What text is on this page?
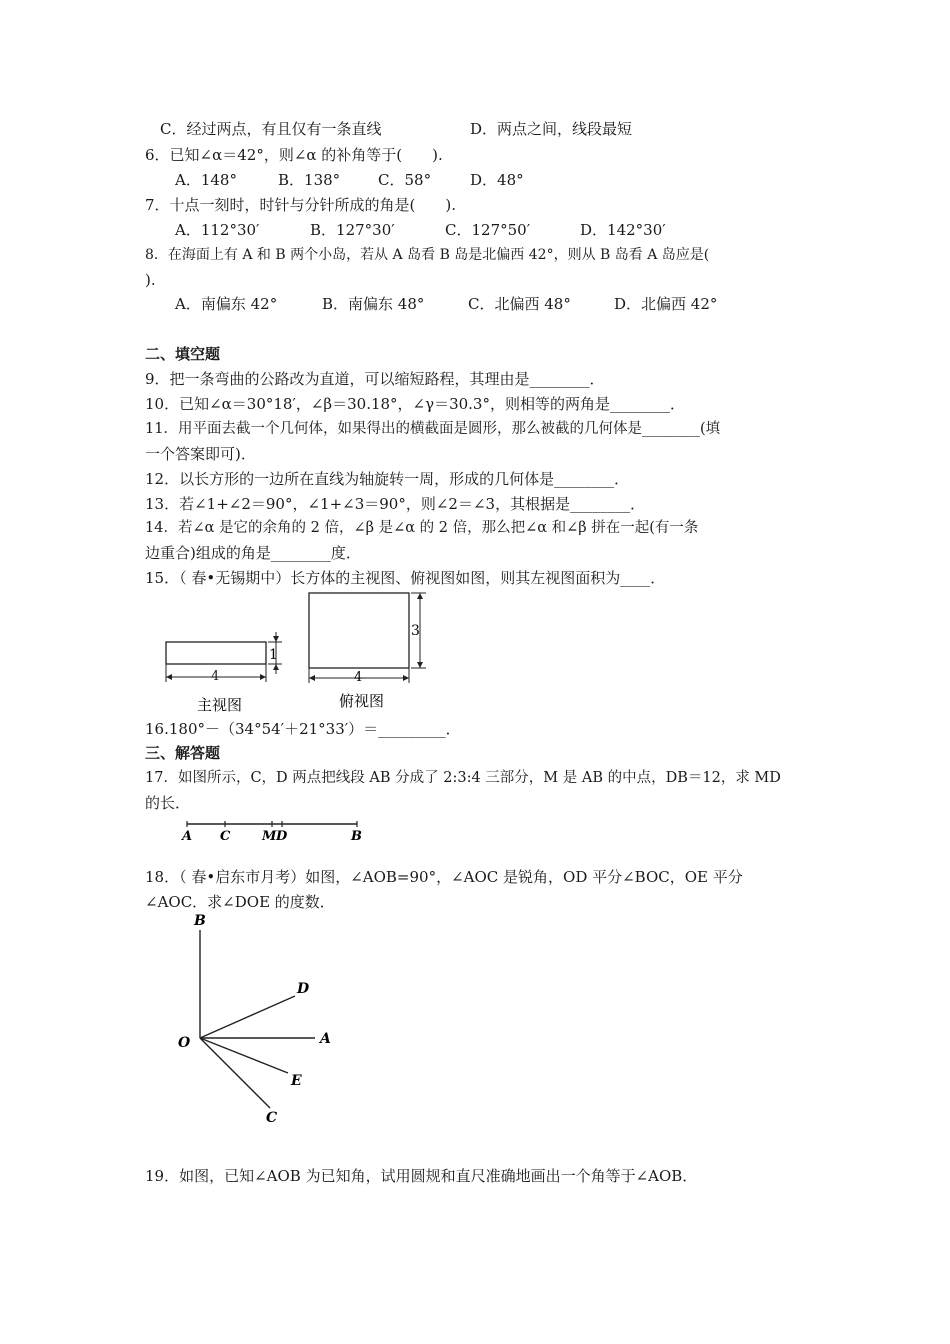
C．经过两点，有且仅有一条直线	D．两点之间，线段最短
6．已知∠α＝42°，则∠α 的补角等于(　　).
A．148°	B．138°	C．58°	D．48°
7．十点一刻时，时针与分针所成的角是(　　).
A．112°30′	B．127°30′	C．127°50′	D．142°30′
8．在海面上有 A 和 B 两个小岛，若从 A 岛看 B 岛是北偏西 42°，则从 B 岛看 A 岛应是(
).
A．南偏东 42°	B．南偏东 48°	C．北偏西 48°	D．北偏西 42°
二、填空题
9．把一条弯曲的公路改为直道，可以缩短路程，其理由是________．
10．已知∠α＝30°18′，∠β＝30.18°，∠γ＝30.3°，则相等的两角是________．
11．用平面去截一个几何体，如果得出的横截面是圆形，那么被截的几何体是________(填
一个答案即可)．
12．以长方形的一边所在直线为轴旋转一周，形成的几何体是________．
13．若∠1+∠2＝90°，∠1+∠3＝90°，则∠2＝∠3，其根据是________．
14．若∠α 是它的余角的 2 倍，∠β 是∠α 的 2 倍，那么把∠α 和∠β 拼在一起(有一条
边重合)组成的角是________度．
15．（ 春•无锡期中）长方体的主视图、俯视图如图，则其左视图面积为____．
1
4
主视图
3
4
俯视图
16.180°－（34°54′＋21°33′）＝_________．
三、解答题
17．如图所示，C，D 两点把线段 AB 分成了 2:3:4 三部分，M 是 AB 的中点，DB＝12，求 MD
的长．
A C M D	B
18．（ 春•启东市月考）如图，∠AOB=90°，∠AOC 是锐角，OD 平分∠BOC，OE 平分
∠AOC．求∠DOE 的度数．
B
D
O	A
E
C
19．如图，已知∠AOB 为已知角，试用圆规和直尺准确地画出一个角等于∠AOB．
